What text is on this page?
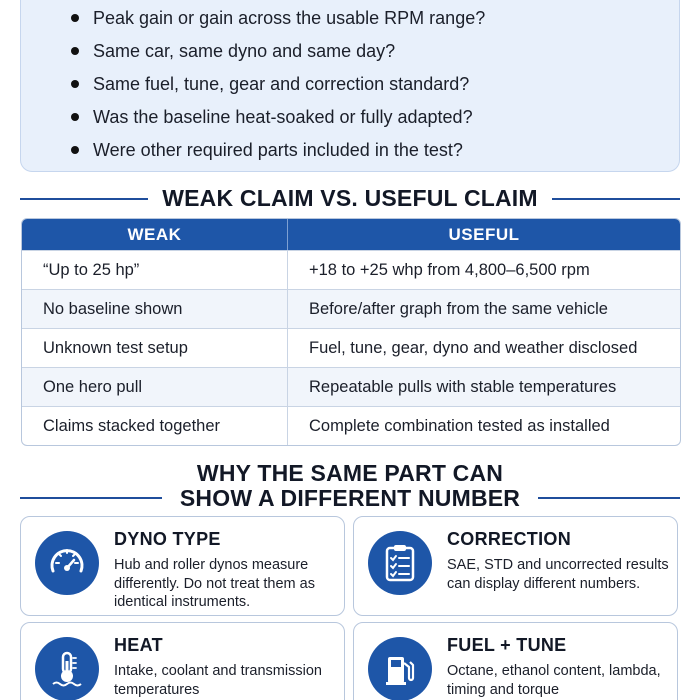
Peak gain or gain across the usable RPM range?
Same car, same dyno and same day?
Same fuel, tune, gear and correction standard?
Was the baseline heat-soaked or fully adapted?
Were other required parts included in the test?
WEAK CLAIM VS. USEFUL CLAIM
WEAK	USEFUL
“Up to 25 hp”	+18 to +25 whp from 4,800–6,500 rpm
No baseline shown	Before/after graph from the same vehicle
Unknown test setup	Fuel, tune, gear, dyno and weather disclosed
One hero pull	Repeatable pulls with stable temperatures
Claims stacked together	Complete combination tested as installed
WHY THE SAME PART CAN
SHOW A DIFFERENT NUMBER
DYNO TYPE
Hub and roller dynos measure differently. Do not treat them as identical instruments.
CORRECTION
SAE, STD and uncorrected results can display different numbers.
HEAT
Intake, coolant and transmission temperatures
FUEL + TUNE
Octane, ethanol content, lambda, timing and torque
